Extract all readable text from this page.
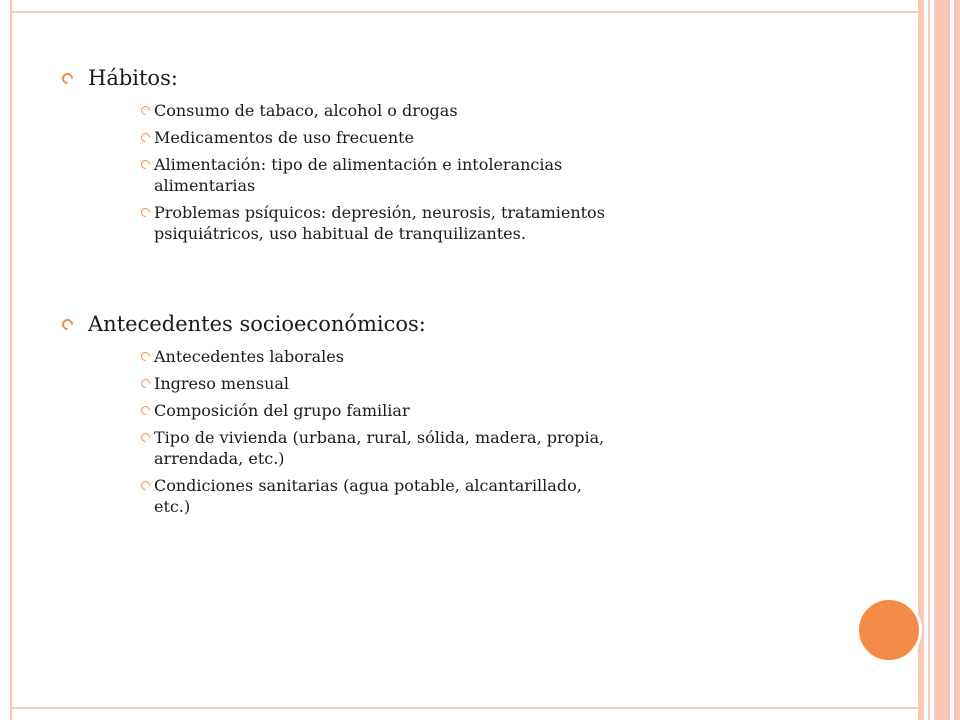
Hábitos:
Consumo de tabaco, alcohol o drogas
Medicamentos de uso frecuente
Alimentación: tipo de alimentación e intolerancias alimentarias
Problemas psíquicos: depresión, neurosis, tratamientos psiquiátricos, uso habitual de tranquilizantes.
Antecedentes socioeconómicos:
Antecedentes laborales
Ingreso mensual
Composición del grupo familiar
Tipo de vivienda (urbana, rural, sólida, madera, propia, arrendada, etc.)
Condiciones sanitarias (agua potable, alcantarillado, etc.)
